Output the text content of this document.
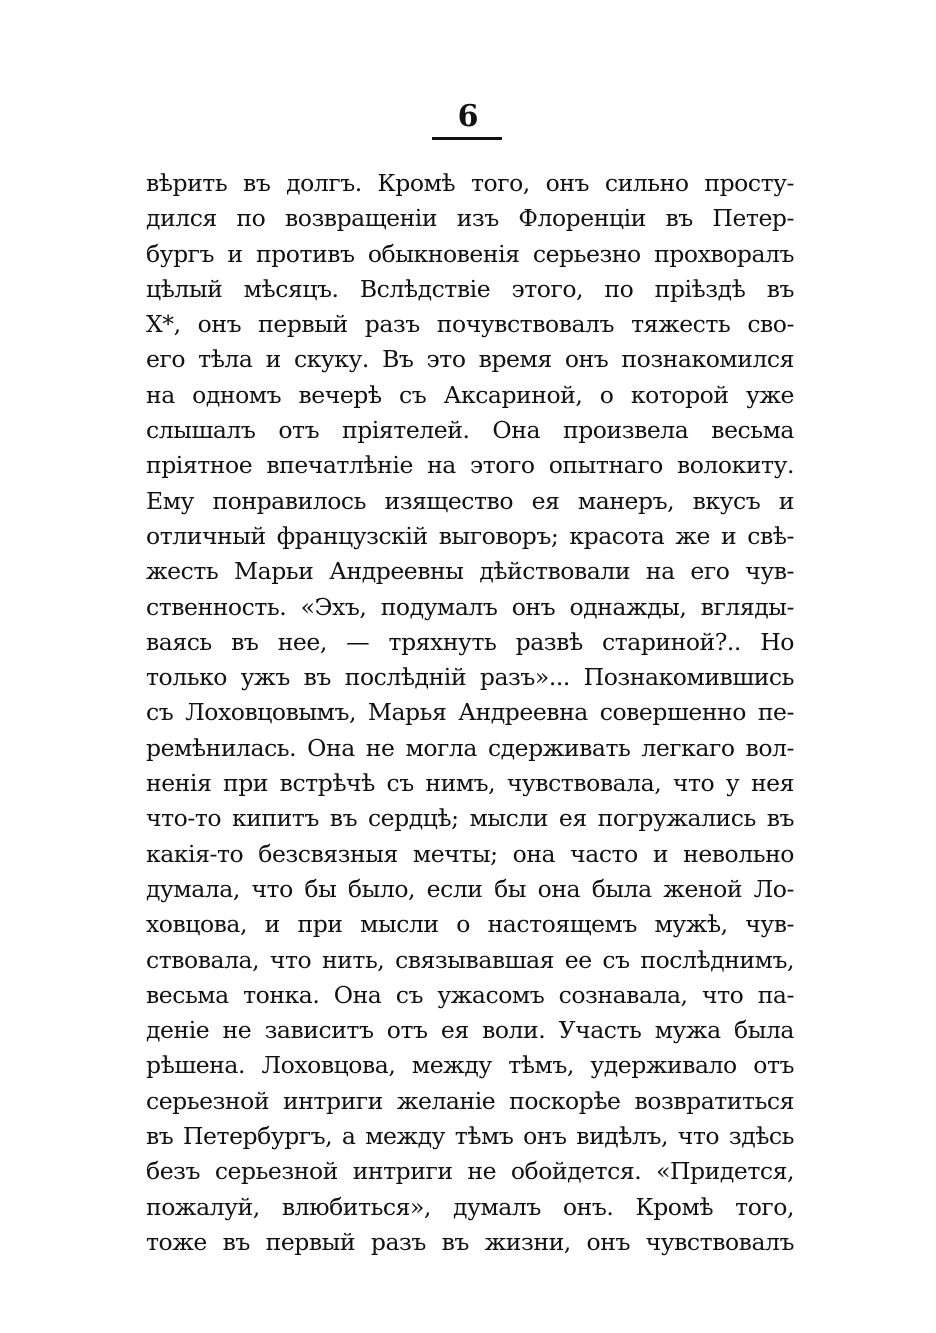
6
вѣрить въ долгъ. Кромѣ того, онъ сильно просту-
дился по возвращеніи изъ Флоренціи въ Петер-
бургъ и противъ обыкновенія серьезно прохворалъ
цѣлый мѣсяцъ. Вслѣдствіе этого, по пріѣздѣ въ
X*, онъ первый разъ почувствовалъ тяжесть сво-
его тѣла и скуку. Въ это время онъ познакомился
на одномъ вечерѣ съ Аксариной, о которой уже
слышалъ отъ пріятелей. Она произвела весьма
пріятное впечатлѣніе на этого опытнаго волокиту.
Ему понравилось изящество ея манеръ, вкусъ и
отличный французскій выговоръ; красота же и свѣ-
жесть Марьи Андреевны дѣйствовали на его чув-
ственность. «Эхъ, подумалъ онъ однажды, вгляды-
ваясь въ нее, — тряхнуть развѣ стариной?.. Но
только ужъ въ послѣдній разъ»... Познакомившись
съ Лоховцовымъ, Марья Андреевна совершенно пе-
ремѣнилась. Она не могла сдерживать легкаго вол-
ненія при встрѣчѣ съ нимъ, чувствовала, что у нея
что-то кипитъ въ сердцѣ; мысли ея погружались въ
какія-то безсвязныя мечты; она часто и невольно
думала, что бы было, если бы она была женой Ло-
ховцова, и при мысли о настоящемъ мужѣ, чув-
ствовала, что нить, связывавшая ее съ послѣднимъ,
весьма тонка. Она съ ужасомъ сознавала, что па-
деніе не зависитъ отъ ея воли. Участь мужа была
рѣшена. Лоховцова, между тѣмъ, удерживало отъ
серьезной интриги желаніе поскорѣе возвратиться
въ Петербургъ, а между тѣмъ онъ видѣлъ, что здѣсь
безъ серьезной интриги не обойдется. «Придется,
пожалуй, влюбиться», думалъ онъ. Кромѣ того,
тоже въ первый разъ въ жизни, онъ чувствовалъ
